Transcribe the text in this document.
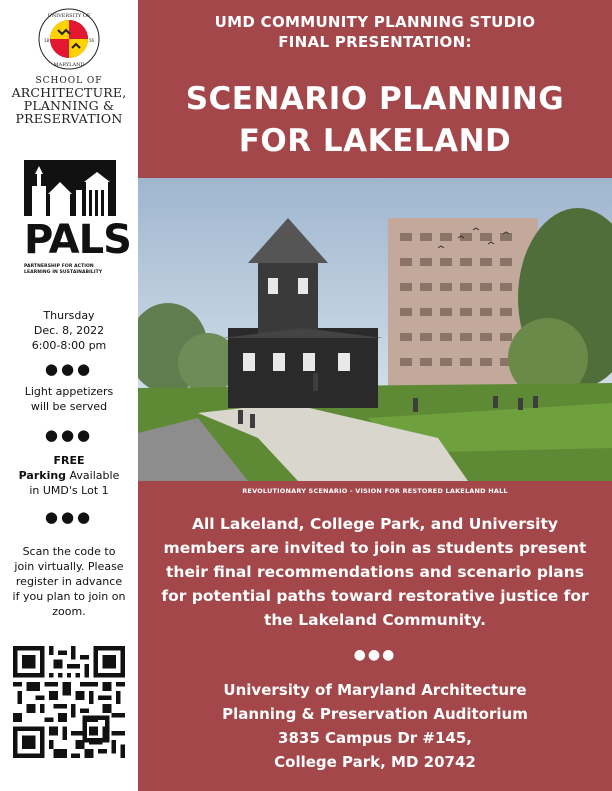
UNIVERSITY OF
MARYLAND
18	56
SCHOOL OF
ARCHITECTURE,
PLANNING &
PRESERVATION
PALS
PARTNERSHIP FOR ACTION
LEARNING IN SUSTAINABILITY
Thursday
Dec. 8, 2022
6:00-8:00 pm
●●●
Light appetizers
will be served
●●●
FREE
Parking Available
in UMD's Lot 1
●●●
Scan the code to
join virtually. Please
register in advance
if you plan to join on
zoom.
UMD COMMUNITY PLANNING STUDIO
FINAL PRESENTATION:
SCENARIO PLANNING
FOR LAKELAND
REVOLUTIONARY SCENARIO - VISION FOR RESTORED LAKELAND HALL
All Lakeland, College Park, and University
members are invited to join as students present
their final recommendations and scenario plans
for potential paths toward restorative justice for
the Lakeland Community.
●●●
University of Maryland Architecture
Planning & Preservation Auditorium
3835 Campus Dr #145,
College Park, MD 20742
